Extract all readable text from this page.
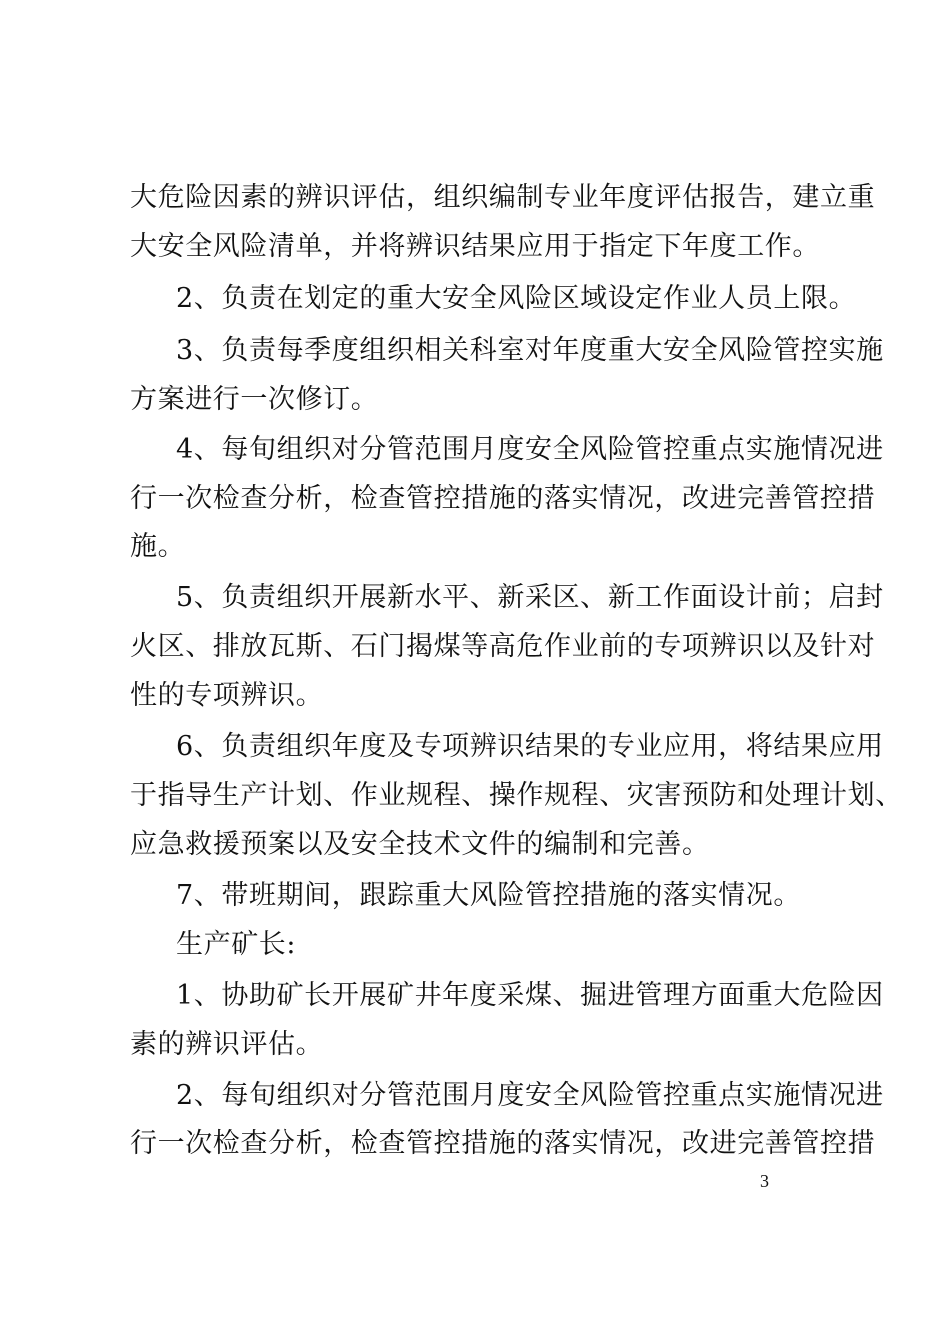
大危险因素的辨识评估，组织编制专业年度评估报告，建立重
大安全风险清单，并将辨识结果应用于指定下年度工作。
2、负责在划定的重大安全风险区域设定作业人员上限。
3、负责每季度组织相关科室对年度重大安全风险管控实施
方案进行一次修订。
4、每旬组织对分管范围月度安全风险管控重点实施情况进
行一次检查分析，检查管控措施的落实情况，改进完善管控措
施。
5、负责组织开展新水平、新采区、新工作面设计前；启封
火区、排放瓦斯、石门揭煤等高危作业前的专项辨识以及针对
性的专项辨识。
6、负责组织年度及专项辨识结果的专业应用，将结果应用
于指导生产计划、作业规程、操作规程、灾害预防和处理计划、
应急救援预案以及安全技术文件的编制和完善。
7、带班期间，跟踪重大风险管控措施的落实情况。
生产矿长:
1、协助矿长开展矿井年度采煤、掘进管理方面重大危险因
素的辨识评估。
2、每旬组织对分管范围月度安全风险管控重点实施情况进
行一次检查分析，检查管控措施的落实情况，改进完善管控措
3
